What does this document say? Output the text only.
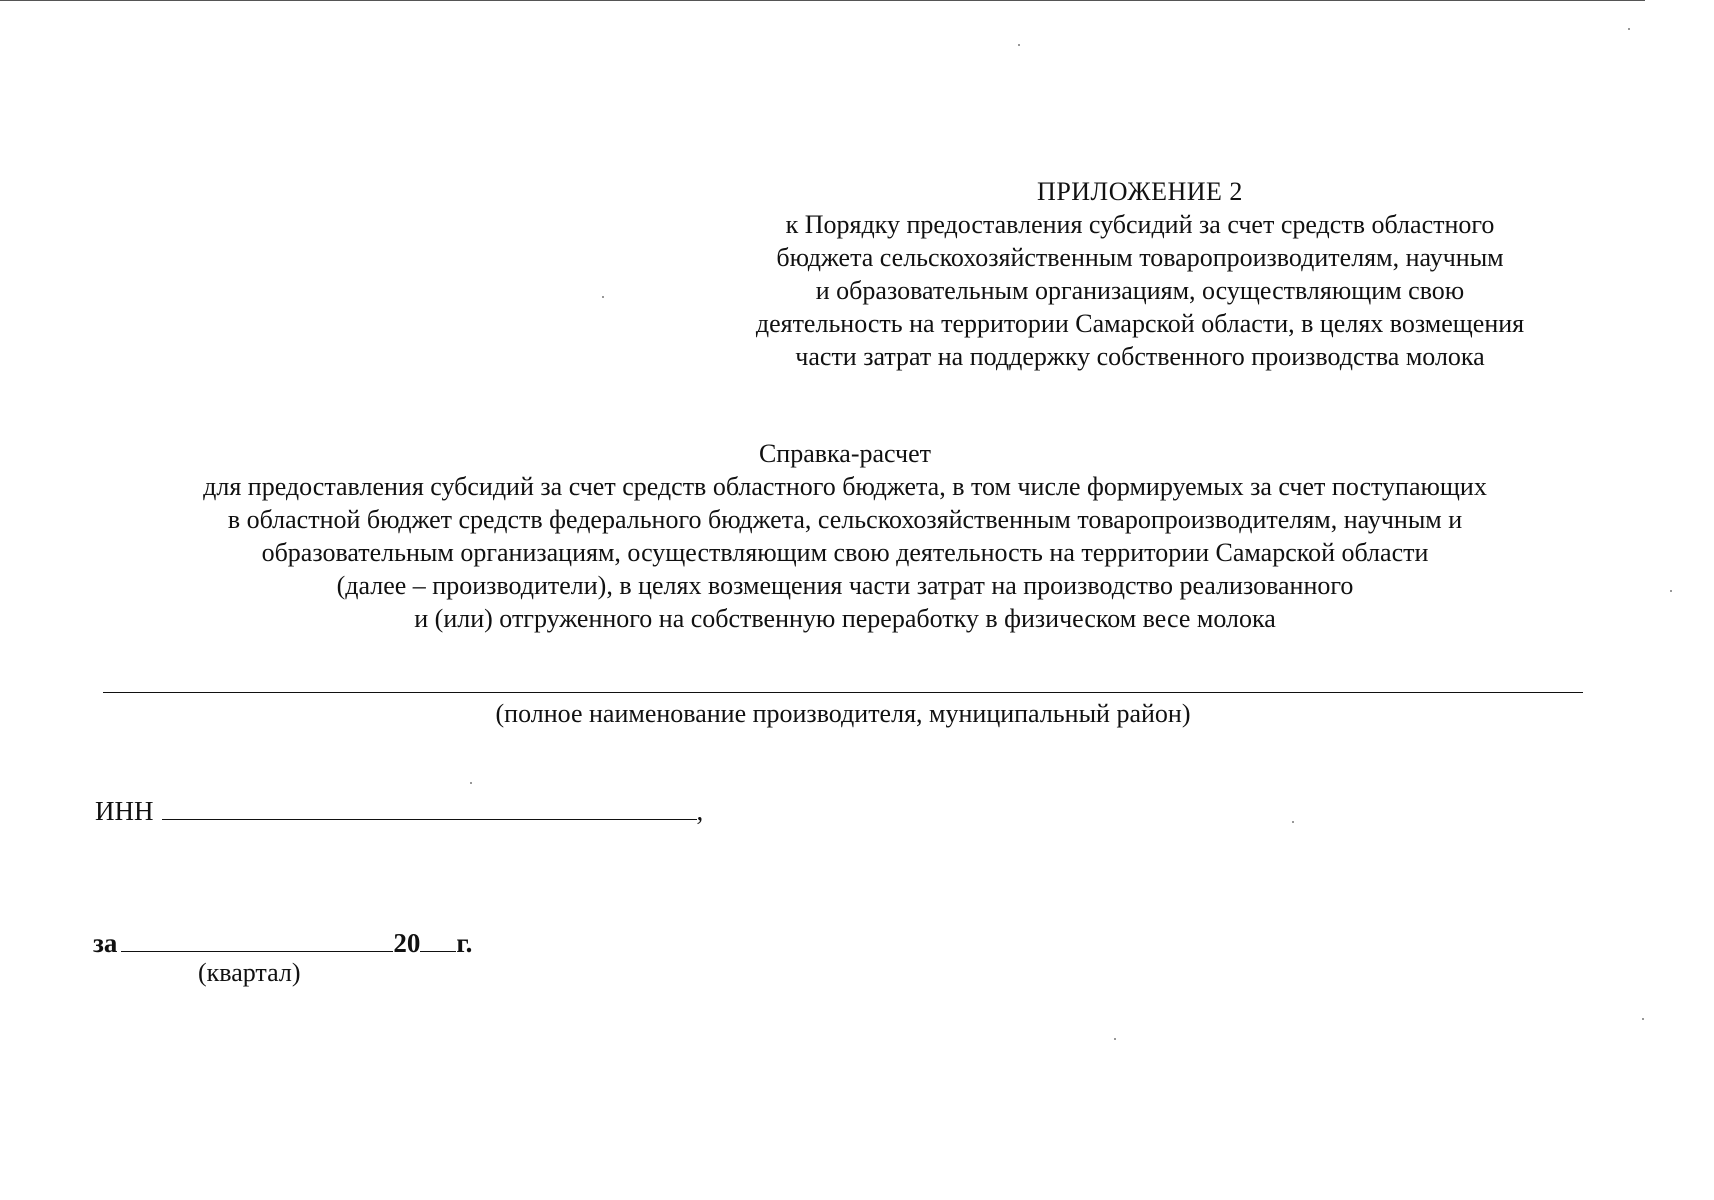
ПРИЛОЖЕНИЕ 2
к Порядку предоставления субсидий за счет средств областного
бюджета сельскохозяйственным товаропроизводителям, научным
и образовательным организациям, осуществляющим свою
деятельность на территории Самарской области, в целях возмещения
части затрат на поддержку собственного производства молока
Справка-расчет
для предоставления субсидий за счет средств областного бюджета, в том числе формируемых за счет поступающих
в областной бюджет средств федерального бюджета, сельскохозяйственным товаропроизводителям, научным и
образовательным организациям, осуществляющим свою деятельность на территории Самарской области
(далее – производители), в целях возмещения части затрат на производство реализованного
и (или) отгруженного на собственную переработку в физическом весе молока
(полное наименование производителя, муниципальный район)
ИНН	,
за	20 г.
(квартал)
